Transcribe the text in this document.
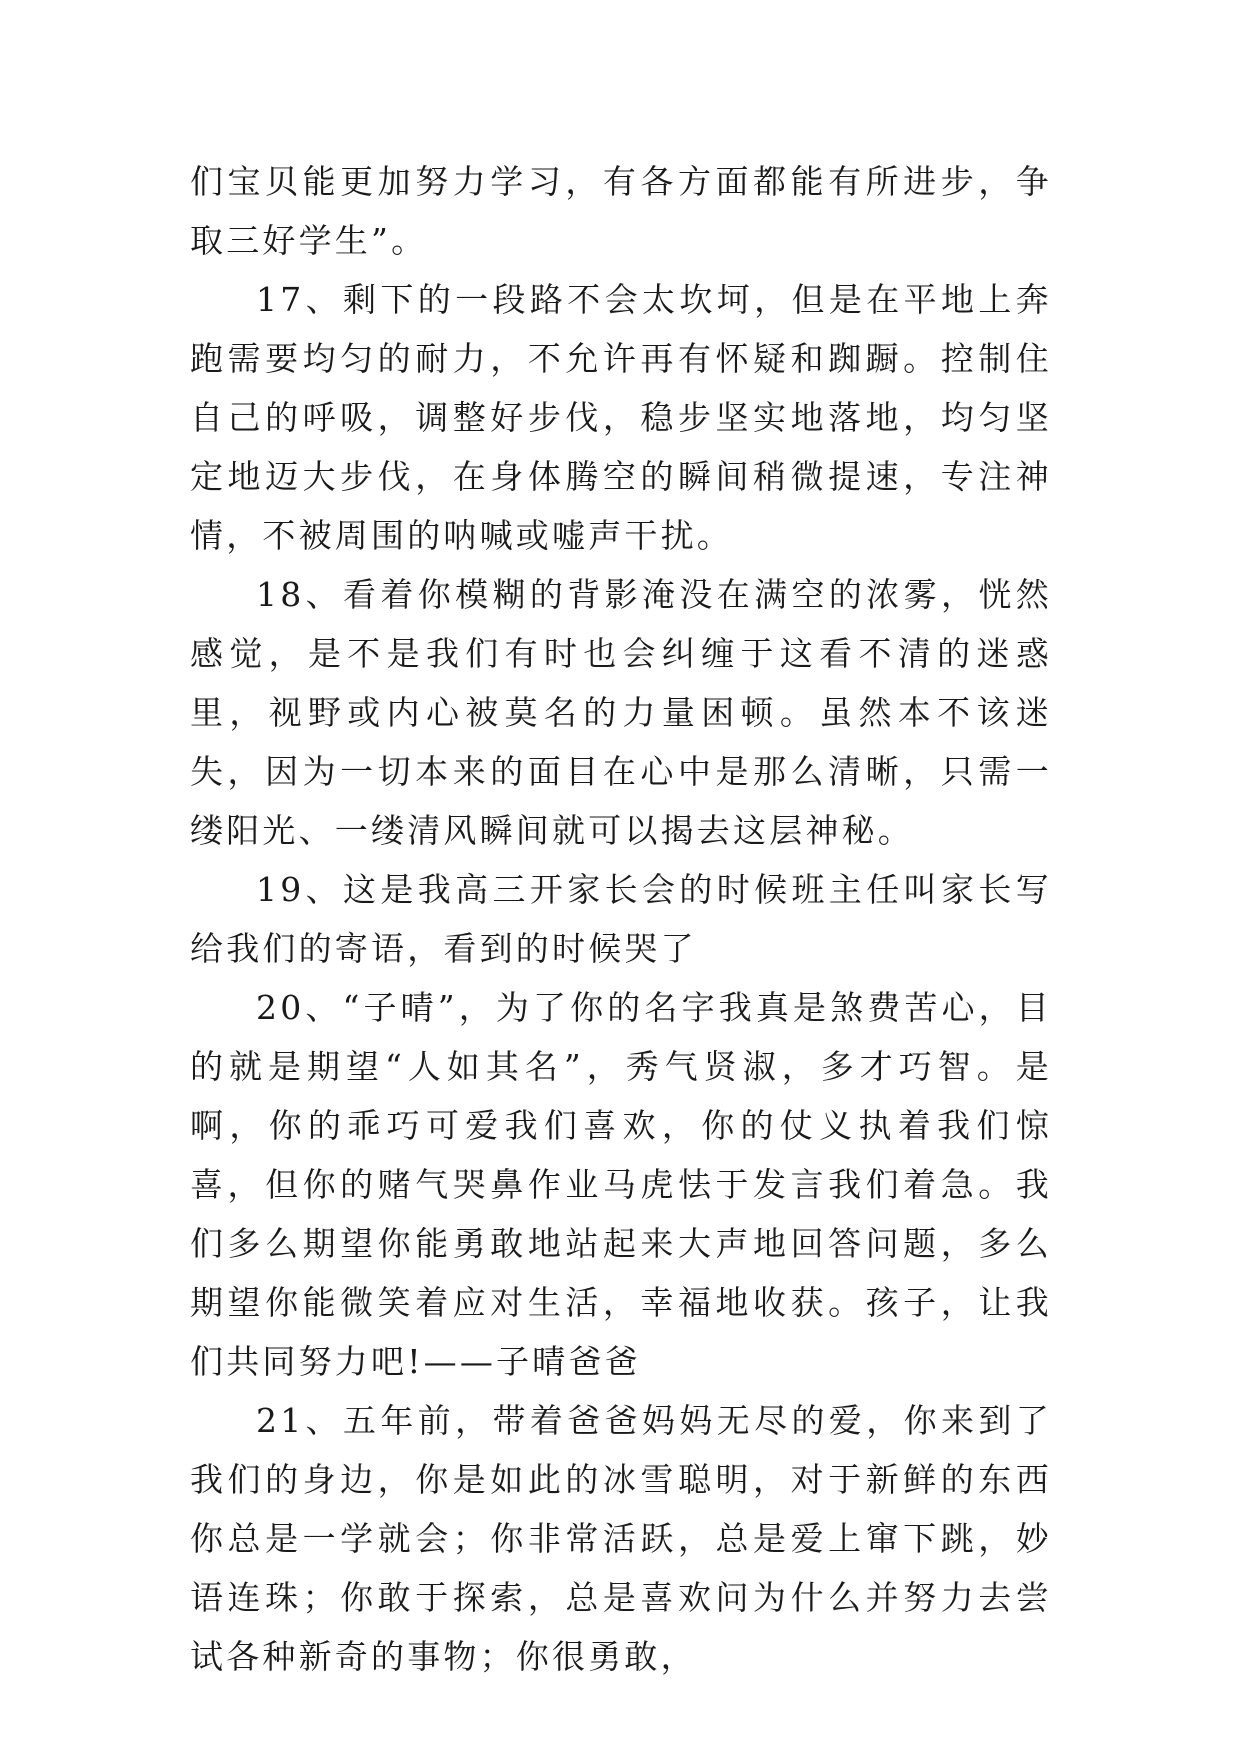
们宝贝能更加努力学习，有各方面都能有所进步，争取三好学生”。

17、剩下的一段路不会太坎坷，但是在平地上奔跑需要均匀的耐力，不允许再有怀疑和踟蹰。控制住自己的呼吸，调整好步伐，稳步坚实地落地，均匀坚定地迈大步伐，在身体腾空的瞬间稍微提速，专注神情，不被周围的呐喊或嘘声干扰。

18、看着你模糊的背影淹没在满空的浓雾，恍然感觉，是不是我们有时也会纠缠于这看不清的迷惑里，视野或内心被莫名的力量困顿。虽然本不该迷失，因为一切本来的面目在心中是那么清晰，只需一缕阳光、一缕清风瞬间就可以揭去这层神秘。

19、这是我高三开家长会的时候班主任叫家长写给我们的寄语，看到的时候哭了

20、“子晴”，为了你的名字我真是煞费苦心，目的就是期望“人如其名”，秀气贤淑，多才巧智。是啊，你的乖巧可爱我们喜欢，你的仗义执着我们惊喜，但你的赌气哭鼻作业马虎怯于发言我们着急。我们多么期望你能勇敢地站起来大声地回答问题，多么期望你能微笑着应对生活，幸福地收获。孩子，让我们共同努力吧!——子晴爸爸

21、五年前，带着爸爸妈妈无尽的爱，你来到了我们的身边，你是如此的冰雪聪明，对于新鲜的东西你总是一学就会；你非常活跃，总是爱上窜下跳，妙语连珠；你敢于探索，总是喜欢问为什么并努力去尝试各种新奇的事物；你很勇敢，
